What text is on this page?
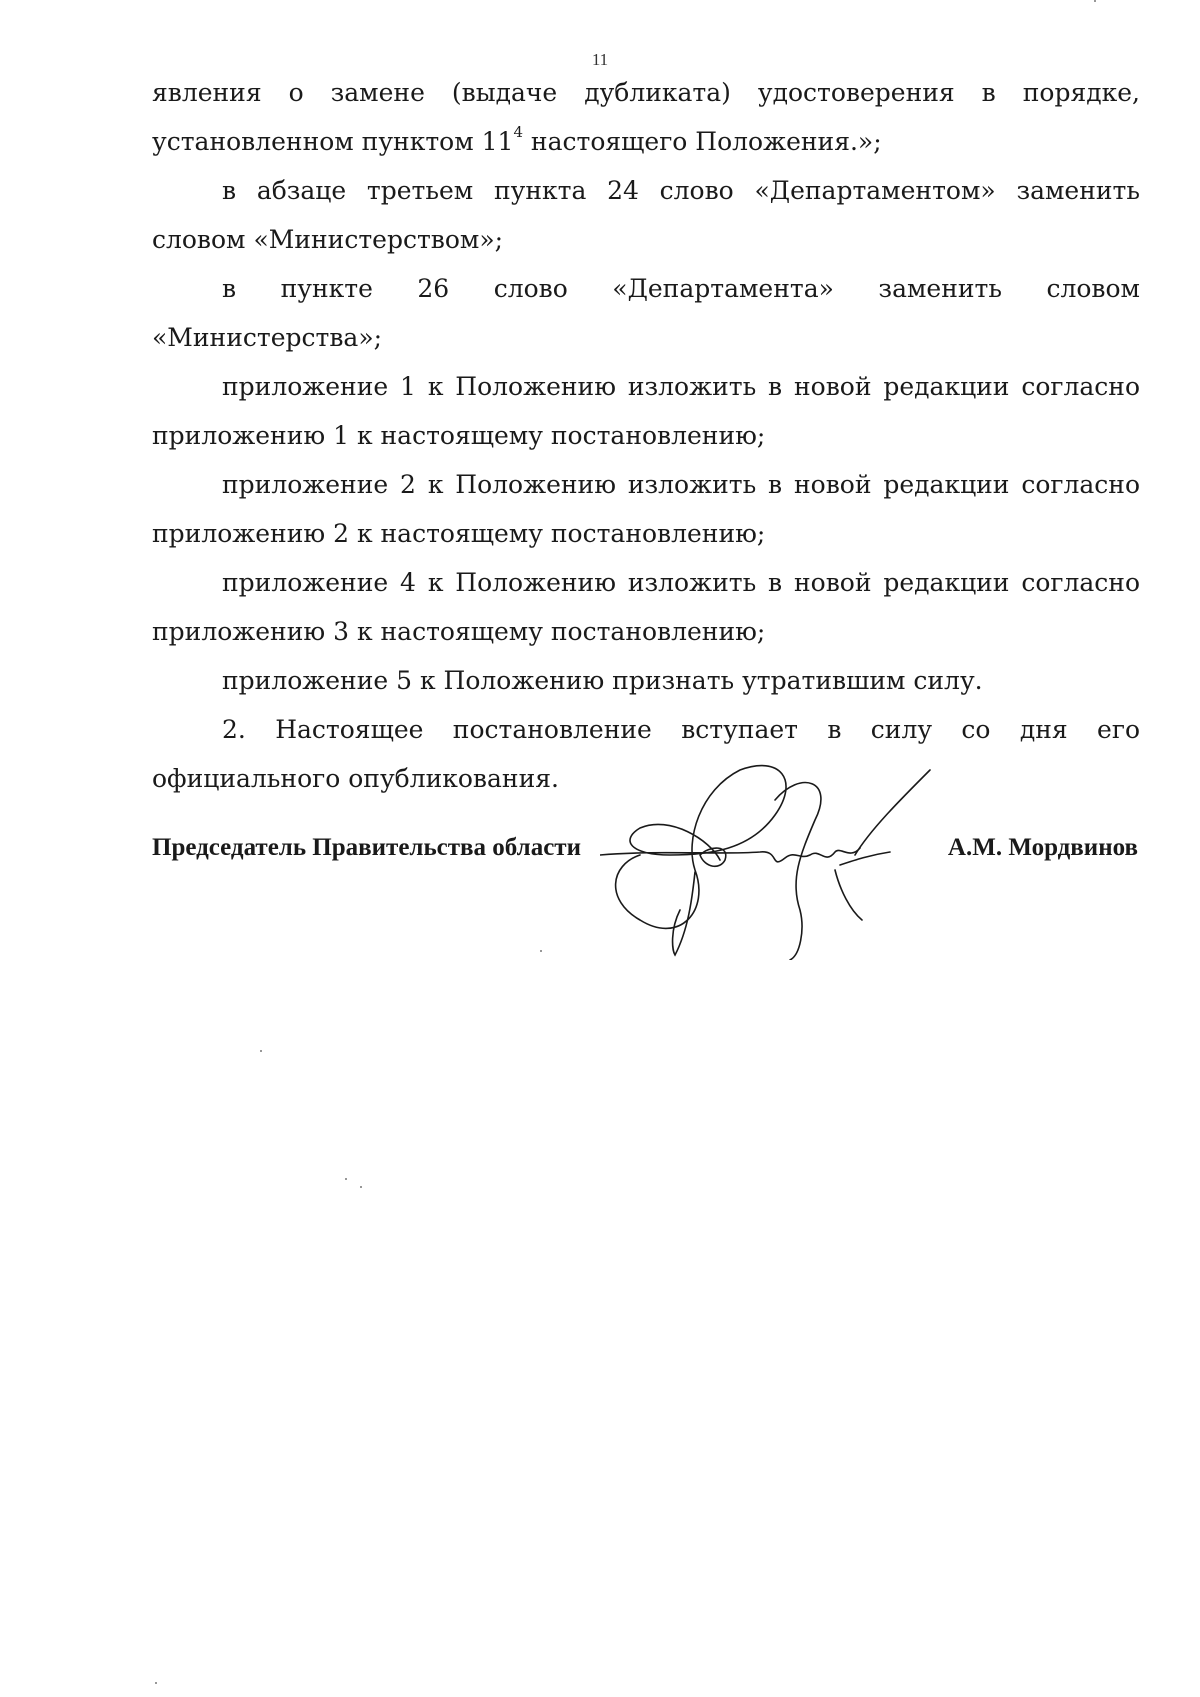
11

явления о замене (выдаче дубликата) удостоверения в порядке, установленном пунктом $11^4$ настоящего Положения.»;

в абзаце третьем пункта 24 слово «Департаментом» заменить словом «Министерством»;

в пункте 26 слово «Департамента» заменить словом «Министерства»;

приложение 1 к Положению изложить в новой редакции согласно приложению 1 к настоящему постановлению;

приложение 2 к Положению изложить в новой редакции согласно приложению 2 к настоящему постановлению;

приложение 4 к Положению изложить в новой редакции согласно приложению 3 к настоящему постановлению;

приложение 5 к Положению признать утратившим силу.

2. Настоящее постановление вступает в силу со дня его официального опубликования.

Председатель Правительства области	А.М. Мордвинов
